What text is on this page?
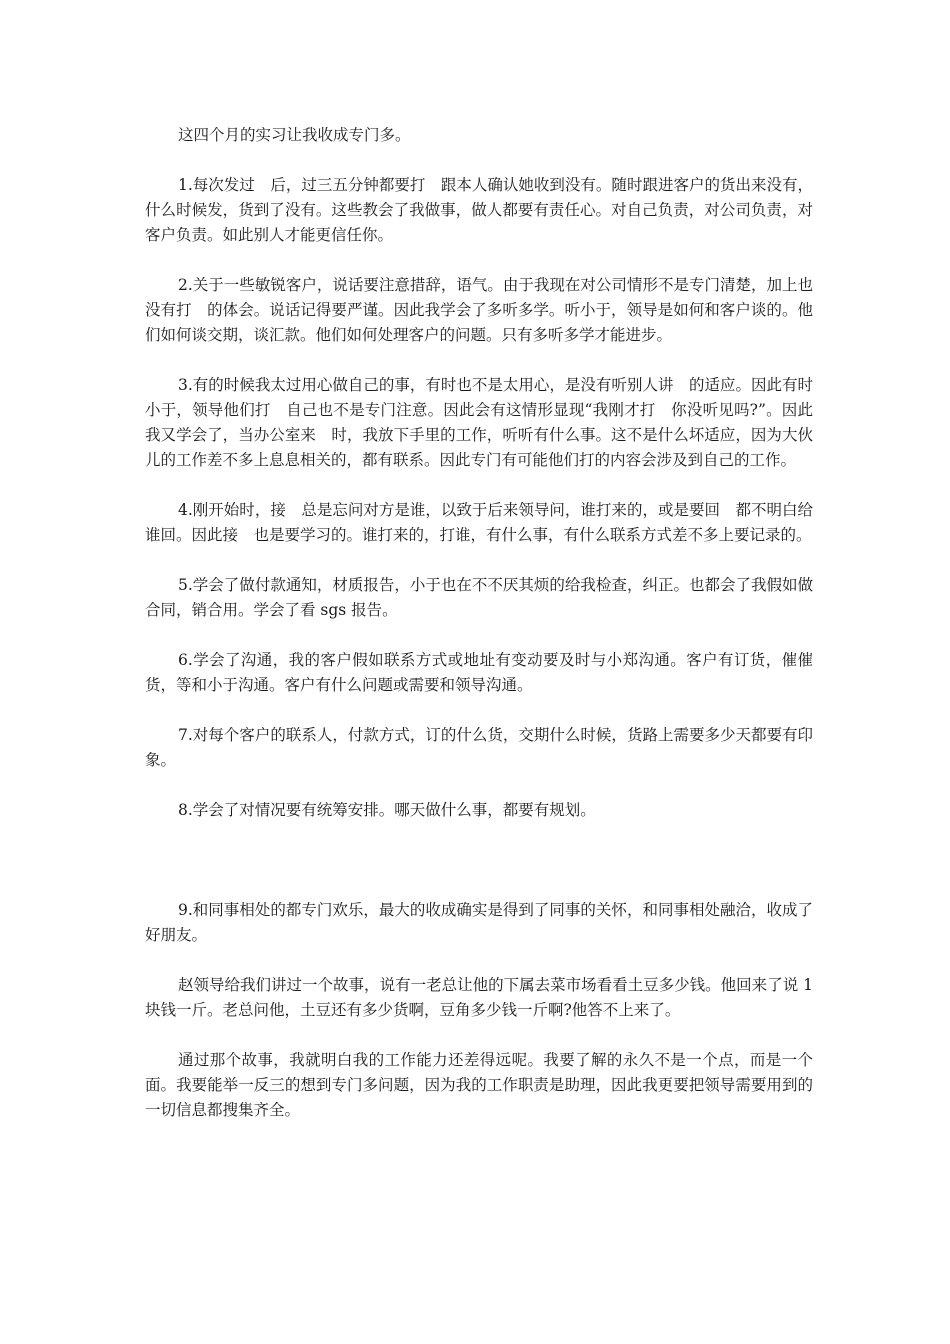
这四个月的实习让我收成专门多。

1.每次发过　后，过三五分钟都要打　跟本人确认她收到没有。随时跟进客户的货出来没有，什么时候发，货到了没有。这些教会了我做事，做人都要有责任心。对自己负责，对公司负责，对客户负责。如此别人才能更信任你。

2.关于一些敏锐客户，说话要注意措辞，语气。由于我现在对公司情形不是专门清楚，加上也没有打　的体会。说话记得要严谨。因此我学会了多听多学。听小于，领导是如何和客户谈的。他们如何谈交期，谈汇款。他们如何处理客户的问题。只有多听多学才能进步。

3.有的时候我太过用心做自己的事，有时也不是太用心，是没有听别人讲　的适应。因此有时小于，领导他们打　自己也不是专门注意。因此会有这情形显现“我刚才打　你没听见吗?”。因此我又学会了，当办公室来　时，我放下手里的工作，听听有什么事。这不是什么坏适应，因为大伙儿的工作差不多上息息相关的，都有联系。因此专门有可能他们打的内容会涉及到自己的工作。

4.刚开始时，接　总是忘问对方是谁，以致于后来领导问，谁打来的，或是要回　都不明白给谁回。因此接　也是要学习的。谁打来的，打谁，有什么事，有什么联系方式差不多上要记录的。

5.学会了做付款通知，材质报告，小于也在不不厌其烦的给我检查，纠正。也都会了我假如做合同，销合用。学会了看 sgs 报告。

6.学会了沟通，我的客户假如联系方式或地址有变动要及时与小郑沟通。客户有订货，催催货，等和小于沟通。客户有什么问题或需要和领导沟通。

7.对每个客户的联系人，付款方式，订的什么货，交期什么时候，货路上需要多少天都要有印象。

8.学会了对情况要有统筹安排。哪天做什么事，都要有规划。

9.和同事相处的都专门欢乐，最大的收成确实是得到了同事的关怀，和同事相处融洽，收成了好朋友。

赵领导给我们讲过一个故事，说有一老总让他的下属去菜市场看看土豆多少钱。他回来了说 1 块钱一斤。老总问他，土豆还有多少货啊，豆角多少钱一斤啊?他答不上来了。

通过那个故事，我就明白我的工作能力还差得远呢。我要了解的永久不是一个点，而是一个面。我要能举一反三的想到专门多问题，因为我的工作职责是助理，因此我更要把领导需要用到的一切信息都搜集齐全。
